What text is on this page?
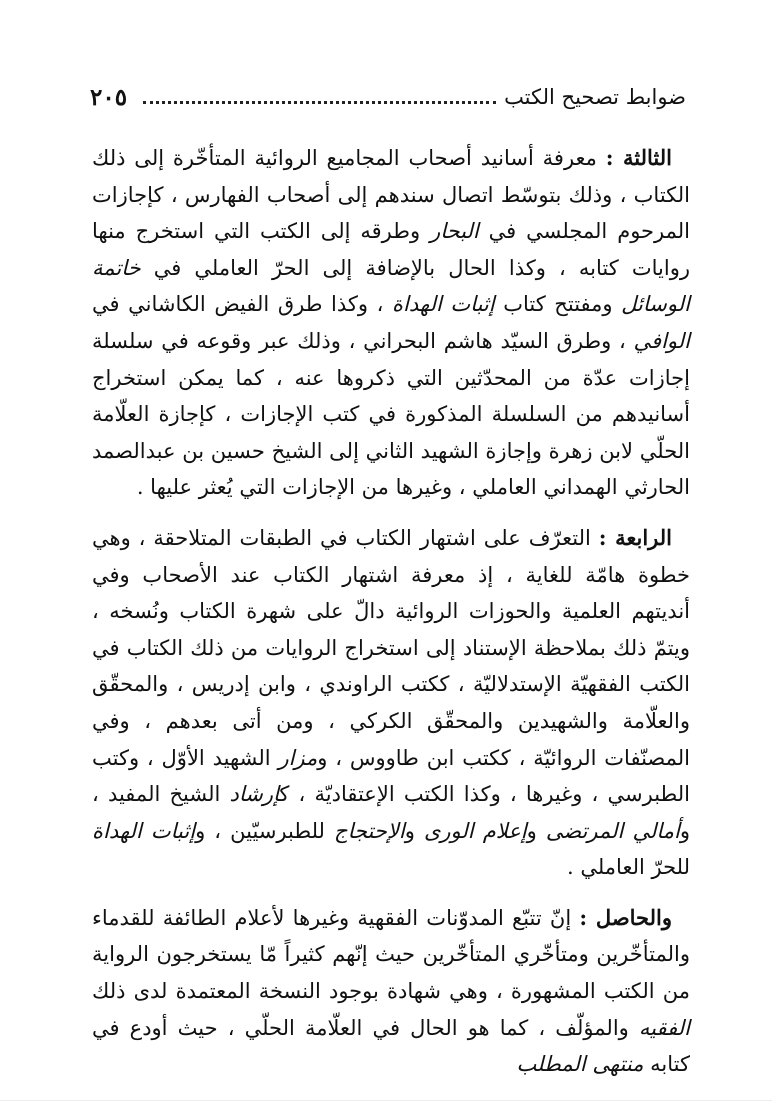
٢٠٥	ضوابط تصحيح الكتب

الثالثة : معرفة أسانيد أصحاب المجاميع الروائية المتأخّرة إلى ذلك الكتاب ، وذلك بتوسّط اتصال سندهم إلى أصحاب الفهارس ، كإجازات المرحوم المجلسي في البحار وطرقه إلى الكتب التي استخرج منها روايات كتابه ، وكذا الحال بالإضافة إلى الحرّ العاملي في خاتمة الوسائل ومفتتح كتاب إثبات الهداة ، وكذا طرق الفيض الكاشاني في الوافي ، وطرق السيّد هاشم البحراني ، وذلك عبر وقوعه في سلسلة إجازات عدّة من المحدّثين التي ذكروها عنه ، كما يمكن استخراج أسانيدهم من السلسلة المذكورة في كتب الإجازات ، كإجازة العلّامة الحلّي لابن زهرة وإجازة الشهيد الثاني إلى الشيخ حسين بن عبدالصمد الحارثي الهمداني العاملي ، وغيرها من الإجازات التي يُعثر عليها .

الرابعة : التعرّف على اشتهار الكتاب في الطبقات المتلاحقة ، وهي خطوة هامّة للغاية ، إذ معرفة اشتهار الكتاب عند الأصحاب وفي أنديتهم العلمية والحوزات الروائية دالّ على شهرة الكتاب ونُسخه ، ويتمّ ذلك بملاحظة الإستناد إلى استخراج الروايات من ذلك الكتاب في الكتب الفقهيّة الإستدلاليّة ، ككتب الراوندي ، وابن إدريس ، والمحقّق والعلّامة والشهيدين والمحقّق الكركي ، ومن أتى بعدهم ، وفي المصنّفات الروائيّة ، ككتب ابن طاووس ، ومزار الشهيد الأوّل ، وكتب الطبرسي ، وغيرها ، وكذا الكتب الإعتقاديّة ، كإرشاد الشيخ المفيد ، وأمالي المرتضى وإعلام الورى والإحتجاج للطبرسيّين ، وإثبات الهداة للحرّ العاملي .

والحاصل : إنّ تتبّع المدوّنات الفقهية وغيرها لأعلام الطائفة للقدماء والمتأخّرين ومتأخّري المتأخّرين حيث إنّهم كثيراً مّا يستخرجون الرواية من الكتب المشهورة ، وهي شهادة بوجود النسخة المعتمدة لدى ذلك الفقيه والمؤلّف ، كما هو الحال في العلّامة الحلّي ، حيث أودع في كتابه منتهى المطلب
